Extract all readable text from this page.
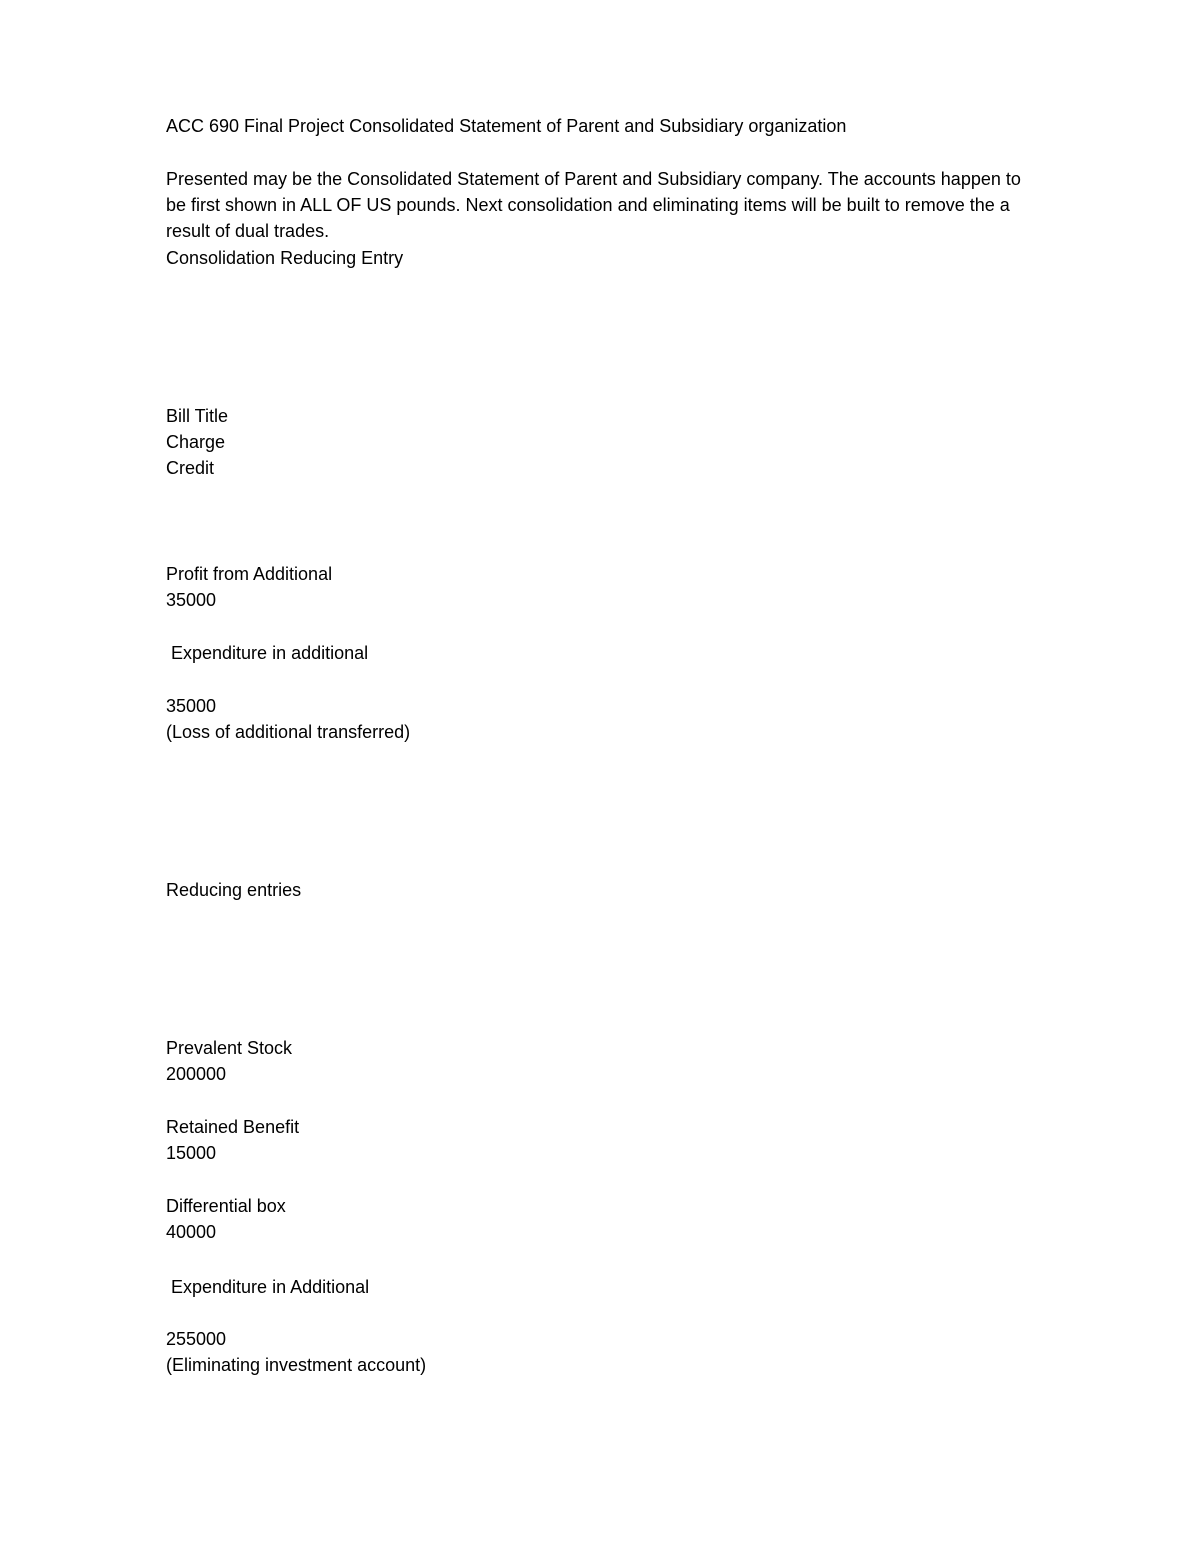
ACC 690 Final Project Consolidated Statement of Parent and Subsidiary organization
Presented may be the Consolidated Statement of Parent and Subsidiary company. The accounts happen to
be first shown in ALL OF US pounds. Next consolidation and eliminating items will be built to remove the a
result of dual trades.
Consolidation Reducing Entry
Bill Title
Charge
Credit
Profit from Additional
35000
Expenditure in additional
35000
(Loss of additional transferred)
Reducing entries
Prevalent Stock
200000
Retained Benefit
15000
Differential box
40000
Expenditure in Additional
255000
(Eliminating investment account)
